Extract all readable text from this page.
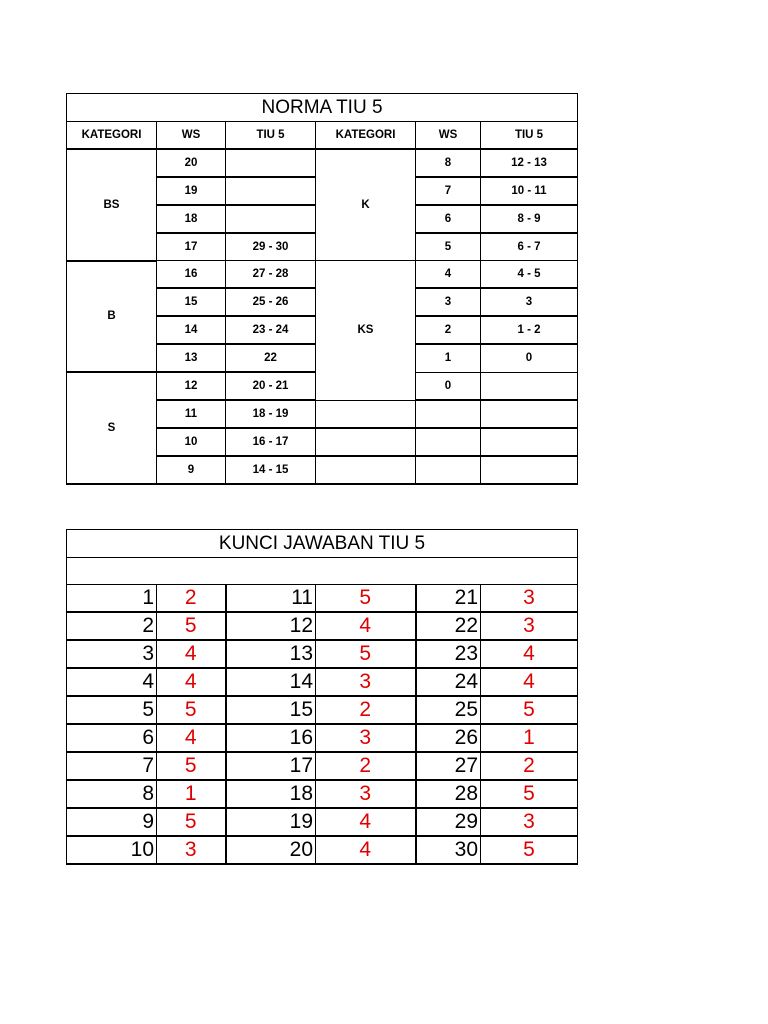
NORMA TIU 5					
KATEGORI	WS	TIU 5	KATEGORI	WS	TIU 5
BS	20		K	8	12 - 13
	19			7	10 - 11
	18			6	8 - 9
	17	29 - 30		5	6 - 7
B	16	27 - 28	KS	4	4 - 5
	15	25 - 26		3	3
	14	23 - 24		2	1 - 2
	13	22		1	0
S	12	20 - 21		0	
	11	18 - 19			
	10	16 - 17			
	9	14 - 15			
KUNCI JAWABAN TIU 5					

1	2	11	5	21	3
2	5	12	4	22	3
3	4	13	5	23	4
4	4	14	3	24	4
5	5	15	2	25	5
6	4	16	3	26	1
7	5	17	2	27	2
8	1	18	3	28	5
9	5	19	4	29	3
10	3	20	4	30	5
